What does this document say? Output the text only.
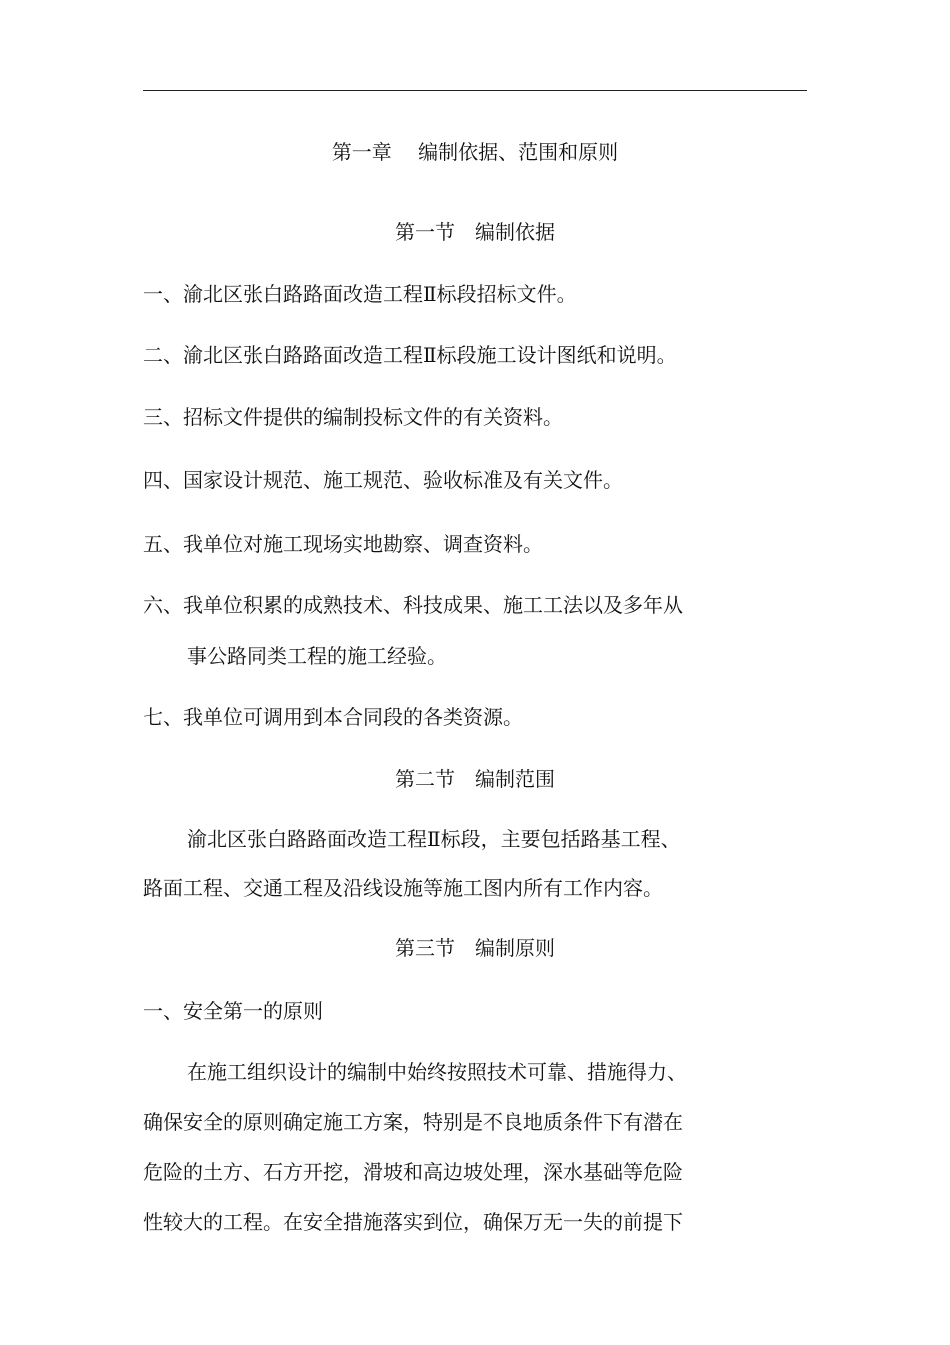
第一章　 编制依据、范围和原则
第一节　编制依据
一、渝北区张白路路面改造工程Ⅱ标段招标文件。
二、渝北区张白路路面改造工程Ⅱ标段施工设计图纸和说明。
三、招标文件提供的编制投标文件的有关资料。
四、国家设计规范、施工规范、验收标准及有关文件。
五、我单位对施工现场实地勘察、调查资料。
六、我单位积累的成熟技术、科技成果、施工工法以及多年从
事公路同类工程的施工经验。
七、我单位可调用到本合同段的各类资源。
第二节　编制范围
渝北区张白路路面改造工程Ⅱ标段，主要包括路基工程、
路面工程、交通工程及沿线设施等施工图内所有工作内容。
第三节　编制原则
一、安全第一的原则
在施工组织设计的编制中始终按照技术可靠、措施得力、
确保安全的原则确定施工方案，特别是不良地质条件下有潜在
危险的土方、石方开挖，滑坡和高边坡处理，深水基础等危险
性较大的工程。在安全措施落实到位，确保万无一失的前提下
